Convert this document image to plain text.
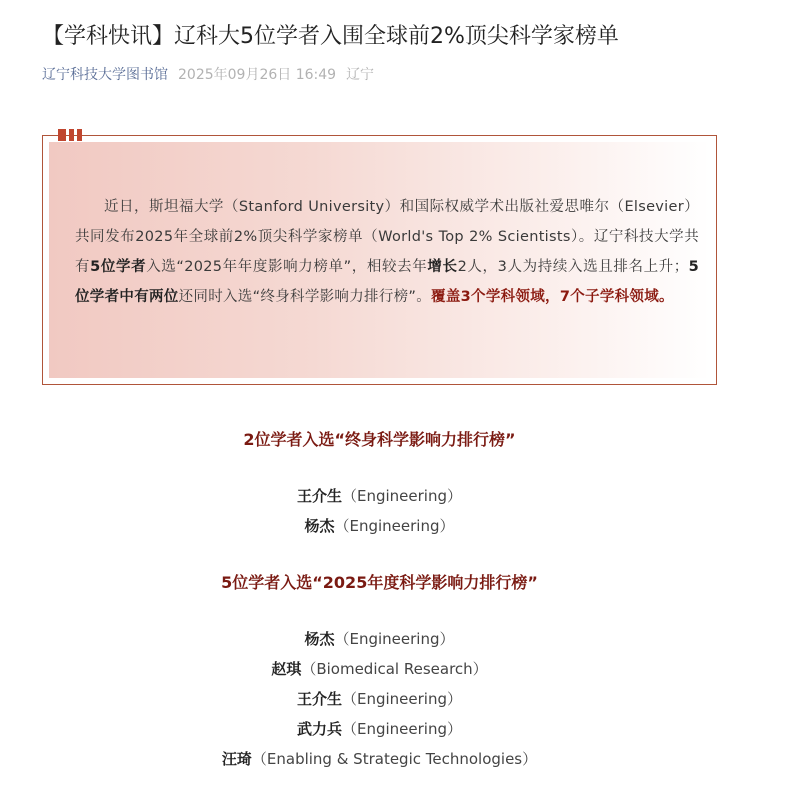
【学科快讯】辽科大5位学者入围全球前2%顶尖科学家榜单
辽宁科技大学图书馆 2025年09月26日 16:49 辽宁
近日，斯坦福大学（Stanford University）和国际权威学术出版社爱思唯尔（Elsevier）共同发布2025年全球前2%顶尖科学家榜单（World's Top 2% Scientists）。辽宁科技大学共有5位学者入选“2025年年度影响力榜单”，相较去年增长2人，3人为持续入选且排名上升；5位学者中有两位还同时入选“终身科学影响力排行榜”。覆盖3个学科领域，7个子学科领域。
2位学者入选“终身科学影响力排行榜”
王介生（Engineering）
杨杰（Engineering）
5位学者入选“2025年度科学影响力排行榜”
杨杰（Engineering）
赵琪（Biomedical Research）
王介生（Engineering）
武力兵（Engineering）
汪琦（Enabling & Strategic Technologies）
